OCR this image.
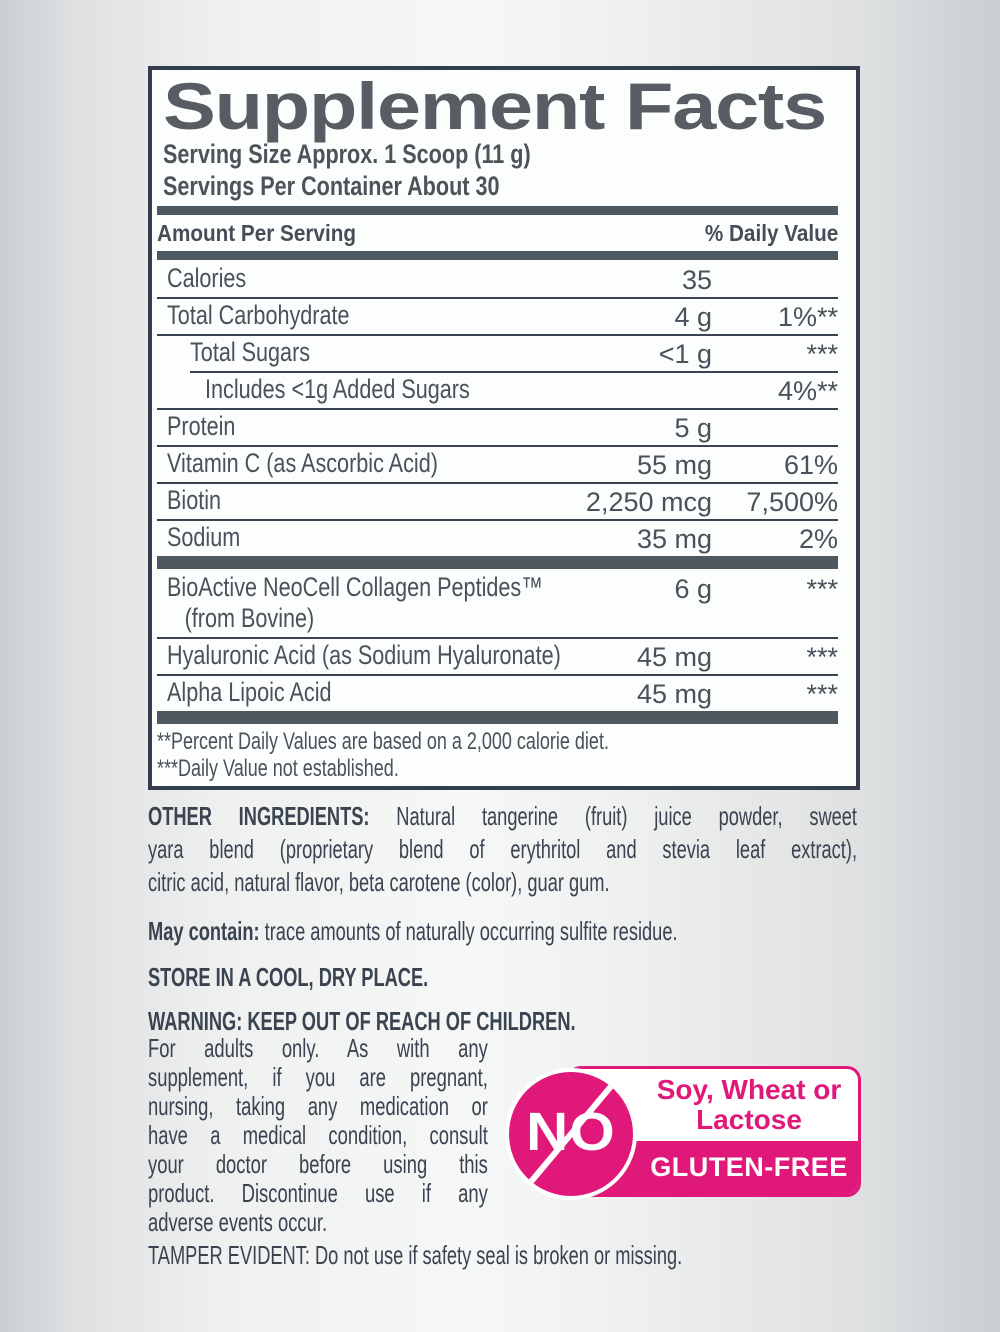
Supplement Facts
Serving Size Approx. 1 Scoop (11 g)
Servings Per Container About 30
Amount Per Serving	% Daily Value
Calories	35
Total Carbohydrate	4 g 1%**
Total Sugars	<1 g	***
Includes <1g Added Sugars	4%**
Protein	5 g
Vitamin C (as Ascorbic Acid)	55 mg	61%
Biotin	2,250 mcg 7,500%
Sodium	35 mg	2%
BioActive NeoCell Collagen Peptides™
(from Bovine)
6 g	***
Hyaluronic Acid (as Sodium Hyaluronate)	45 mg	***
Alpha Lipoic Acid	45 mg	***
**Percent Daily Values are based on a 2,000 calorie diet.
***Daily Value not established.
OTHER INGREDIENTS: Natural tangerine (fruit) juice powder, sweet
yara blend (proprietary blend of erythritol and stevia leaf extract),
citric acid, natural flavor, beta carotene (color), guar gum.
May contain: trace amounts of naturally occurring sulfite residue.
STORE IN A COOL, DRY PLACE.
WARNING: KEEP OUT OF REACH OF CHILDREN.
For adults only. As with any
supplement, if you are pregnant,
nursing, taking any medication or
have a medical condition, consult
your doctor before using this
product. Discontinue use if any
adverse events occur.
Soy, Wheat or
Lactose
GLUTEN-FREE
NO
TAMPER EVIDENT: Do not use if safety seal is broken or missing.
